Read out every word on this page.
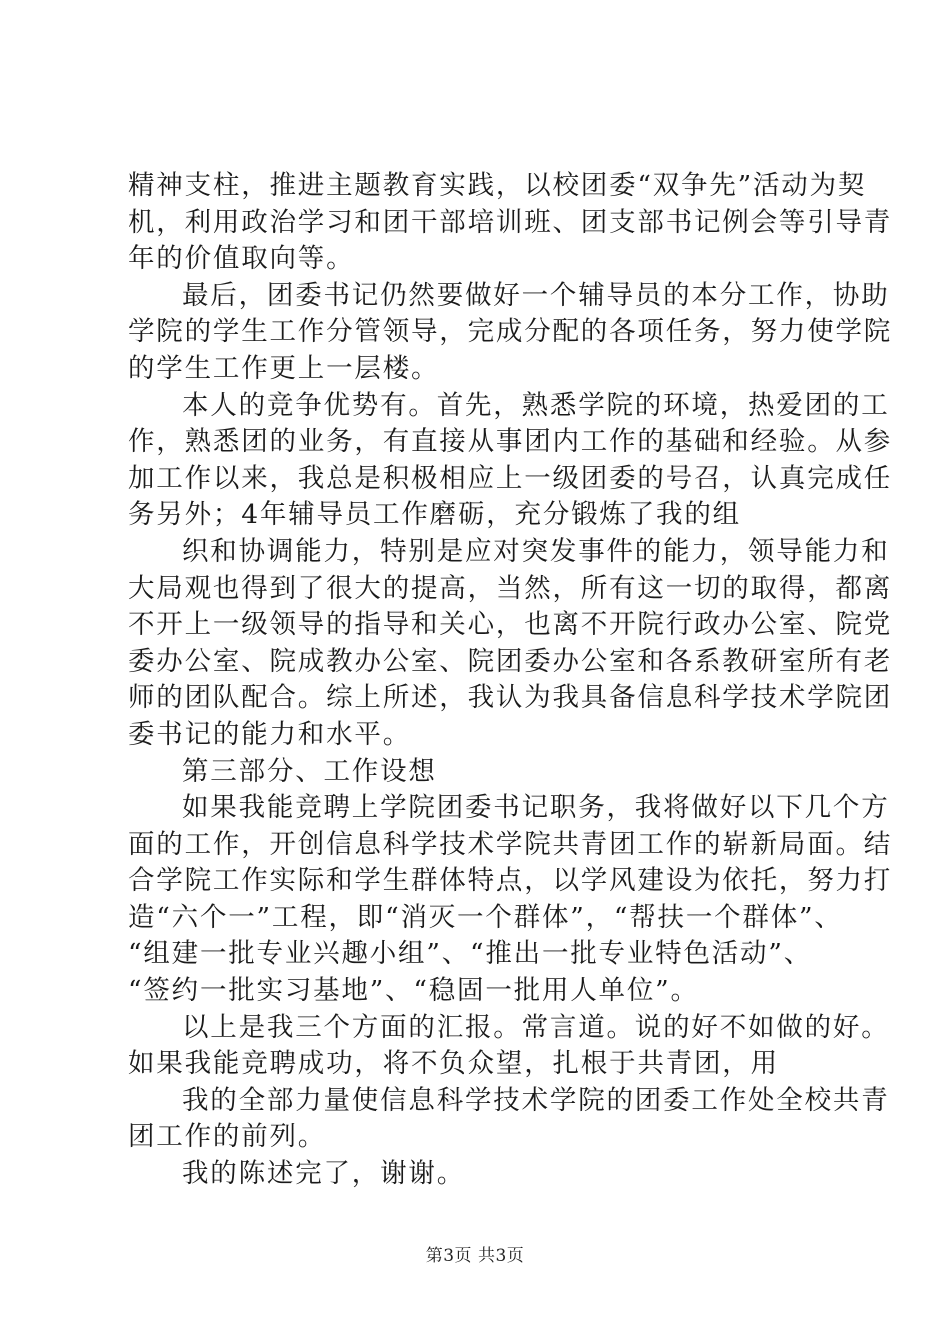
精神支柱，推进主题教育实践，以校团委“双争先”活动为契
机，利用政治学习和团干部培训班、团支部书记例会等引导青
年的价值取向等。
最后，团委书记仍然要做好一个辅导员的本分工作，协助
学院的学生工作分管领导，完成分配的各项任务，努力使学院
的学生工作更上一层楼。
本人的竞争优势有。首先，熟悉学院的环境，热爱团的工
作，熟悉团的业务，有直接从事团内工作的基础和经验。从参
加工作以来，我总是积极相应上一级团委的号召，认真完成任
务另外；4年辅导员工作磨砺，充分锻炼了我的组
织和协调能力，特别是应对突发事件的能力，领导能力和
大局观也得到了很大的提高，当然，所有这一切的取得，都离
不开上一级领导的指导和关心，也离不开院行政办公室、院党
委办公室、院成教办公室、院团委办公室和各系教研室所有老
师的团队配合。综上所述，我认为我具备信息科学技术学院团
委书记的能力和水平。
第三部分、工作设想
如果我能竞聘上学院团委书记职务，我将做好以下几个方
面的工作，开创信息科学技术学院共青团工作的崭新局面。结
合学院工作实际和学生群体特点，以学风建设为依托，努力打
造“六个一”工程，即“消灭一个群体”，“帮扶一个群体”、
“组建一批专业兴趣小组”、“推出一批专业特色活动”、
“签约一批实习基地”、“稳固一批用人单位”。
以上是我三个方面的汇报。常言道。说的好不如做的好。
如果我能竞聘成功，将不负众望，扎根于共青团，用
我的全部力量使信息科学技术学院的团委工作处全校共青
团工作的前列。
我的陈述完了，谢谢。
第3页 共3页
